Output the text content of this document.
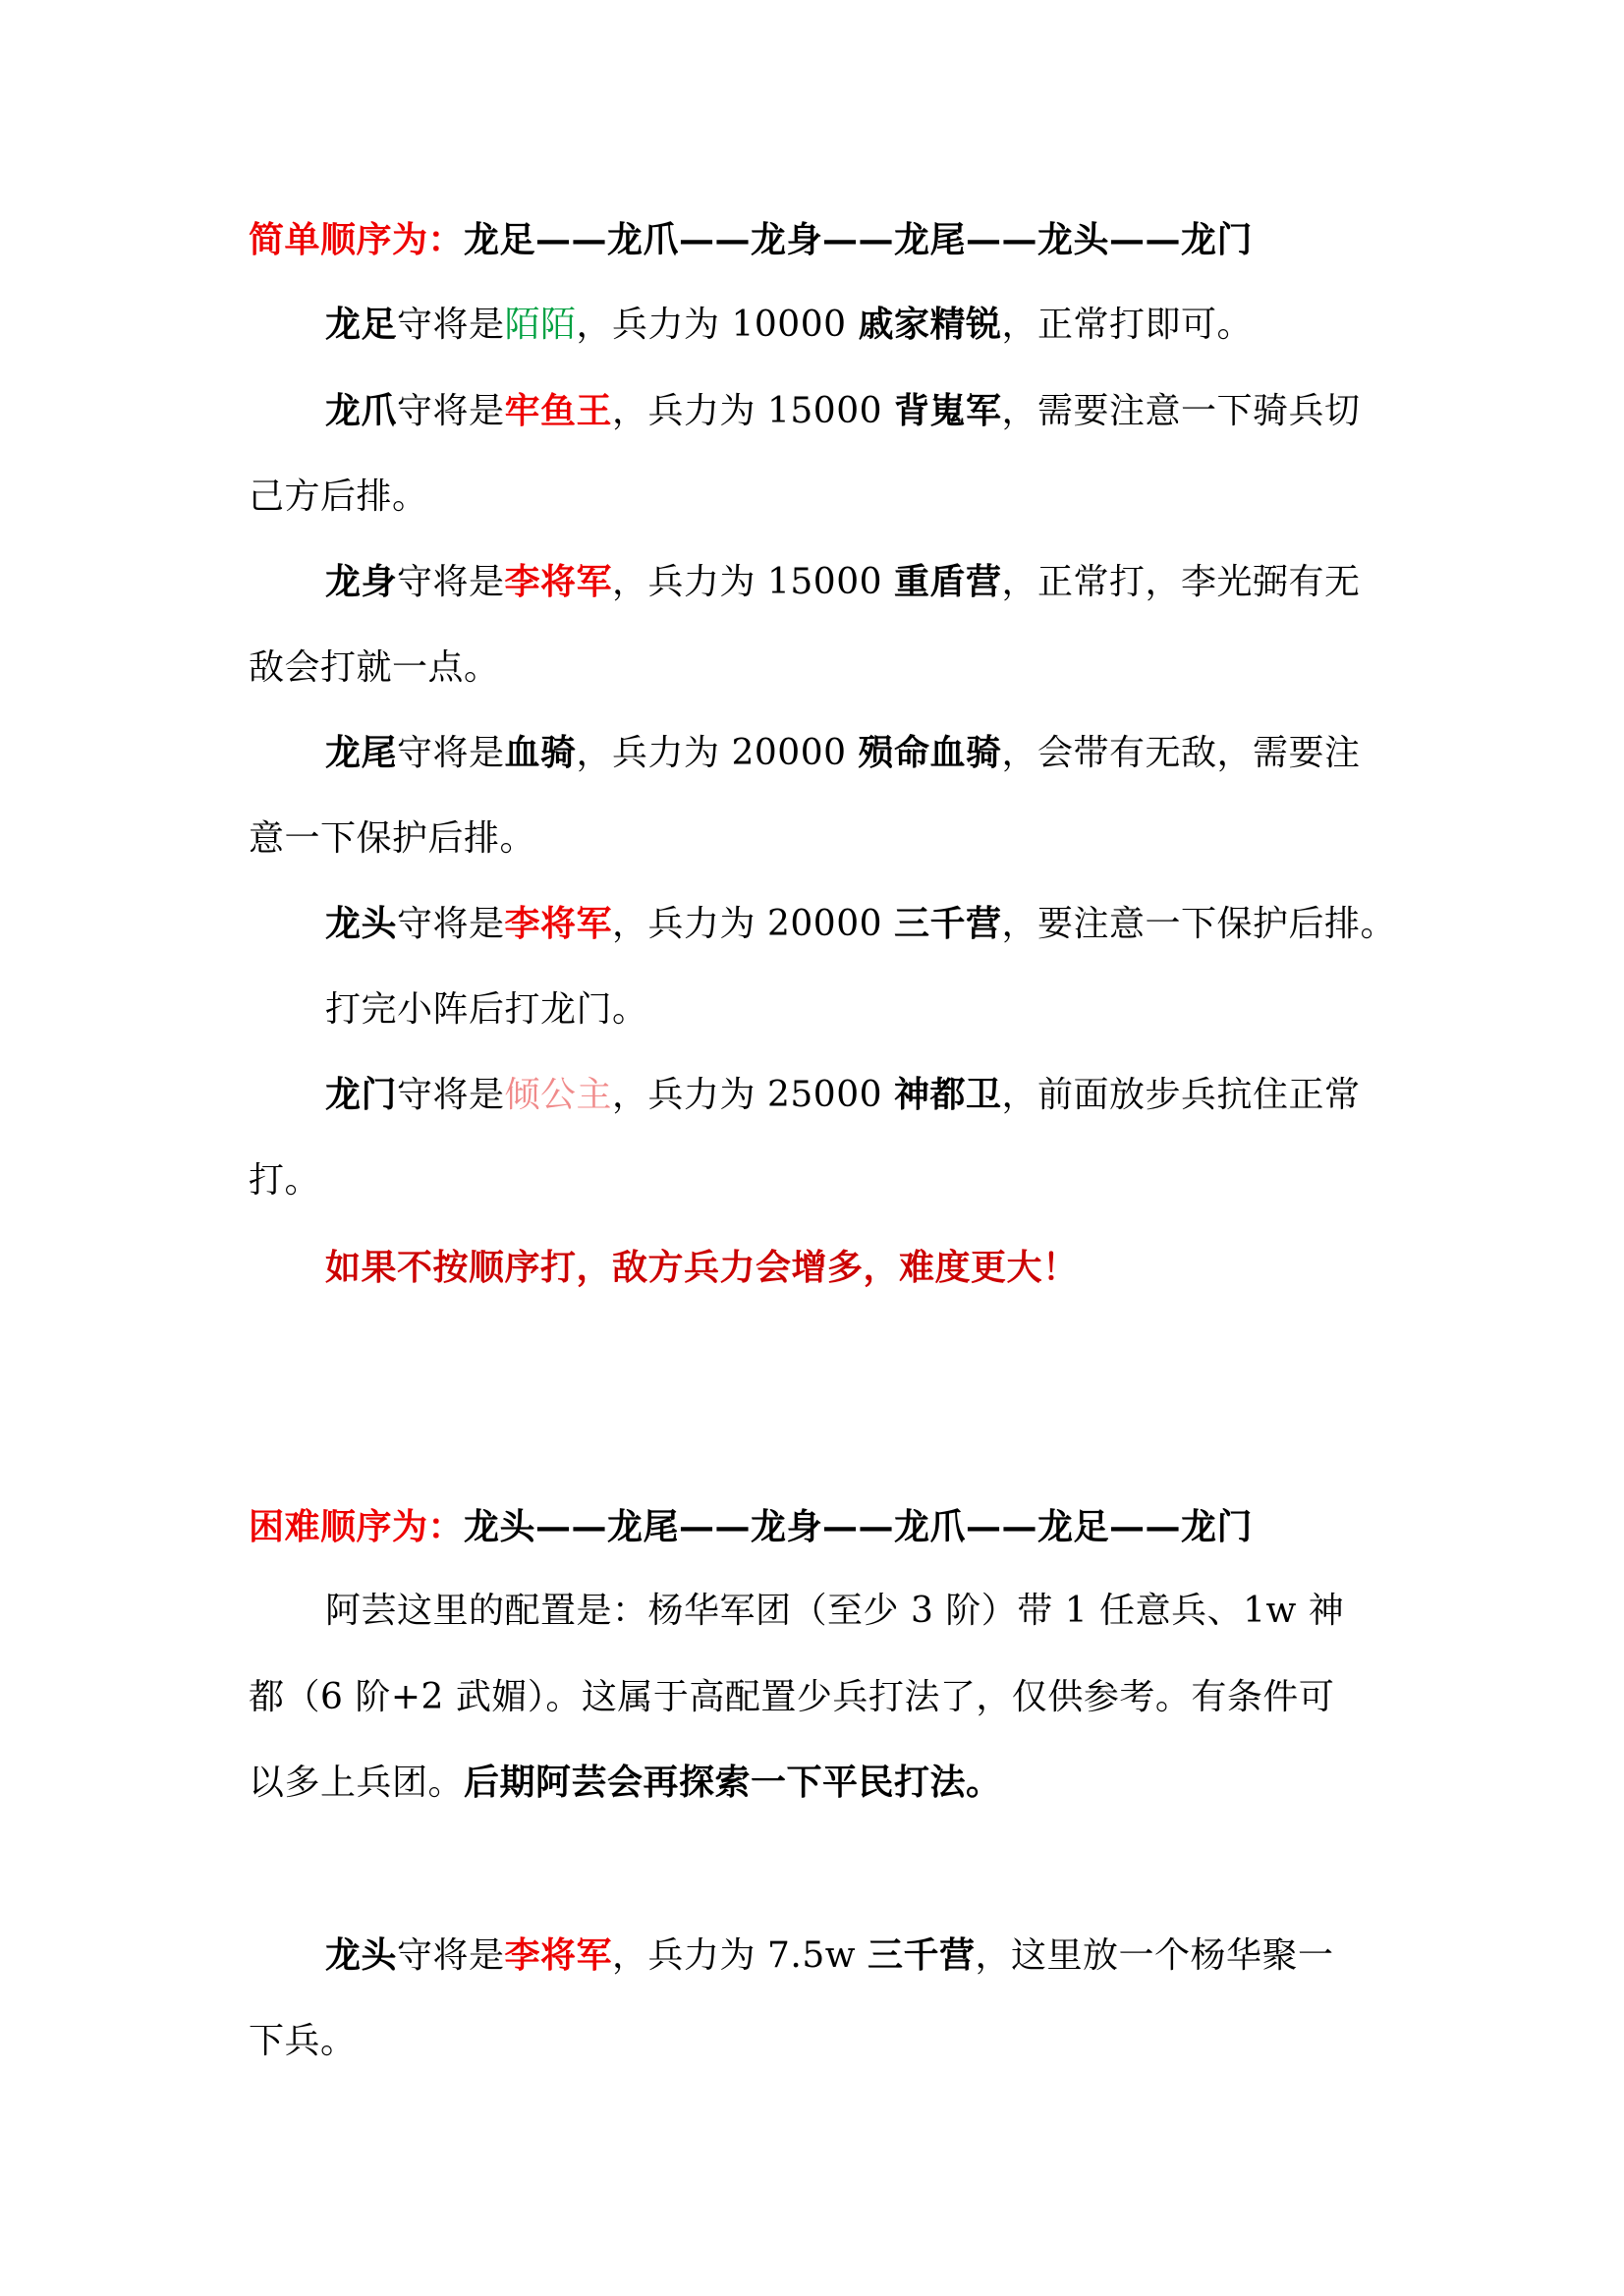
简单顺序为：龙足——龙爪——龙身——龙尾——龙头——龙门
龙足守将是陌陌，兵力为 10000 戚家精锐，正常打即可。
龙爪守将是牢鱼王，兵力为 15000 背嵬军，需要注意一下骑兵切
己方后排。
龙身守将是李将军，兵力为 15000 重盾营，正常打，李光弼有无
敌会打就一点。
龙尾守将是血骑，兵力为 20000 殒命血骑，会带有无敌，需要注
意一下保护后排。
龙头守将是李将军，兵力为 20000 三千营，要注意一下保护后排。
打完小阵后打龙门。
龙门守将是倾公主，兵力为 25000 神都卫，前面放步兵抗住正常
打。
如果不按顺序打，敌方兵力会增多，难度更大！
困难顺序为：龙头——龙尾——龙身——龙爪——龙足——龙门
阿芸这里的配置是：杨华军团（至少 3 阶）带 1 任意兵、1w 神
都（6 阶+2 武媚）。这属于高配置少兵打法了，仅供参考。有条件可
以多上兵团。后期阿芸会再探索一下平民打法。
龙头守将是李将军，兵力为 7.5w 三千营，这里放一个杨华聚一
下兵。
